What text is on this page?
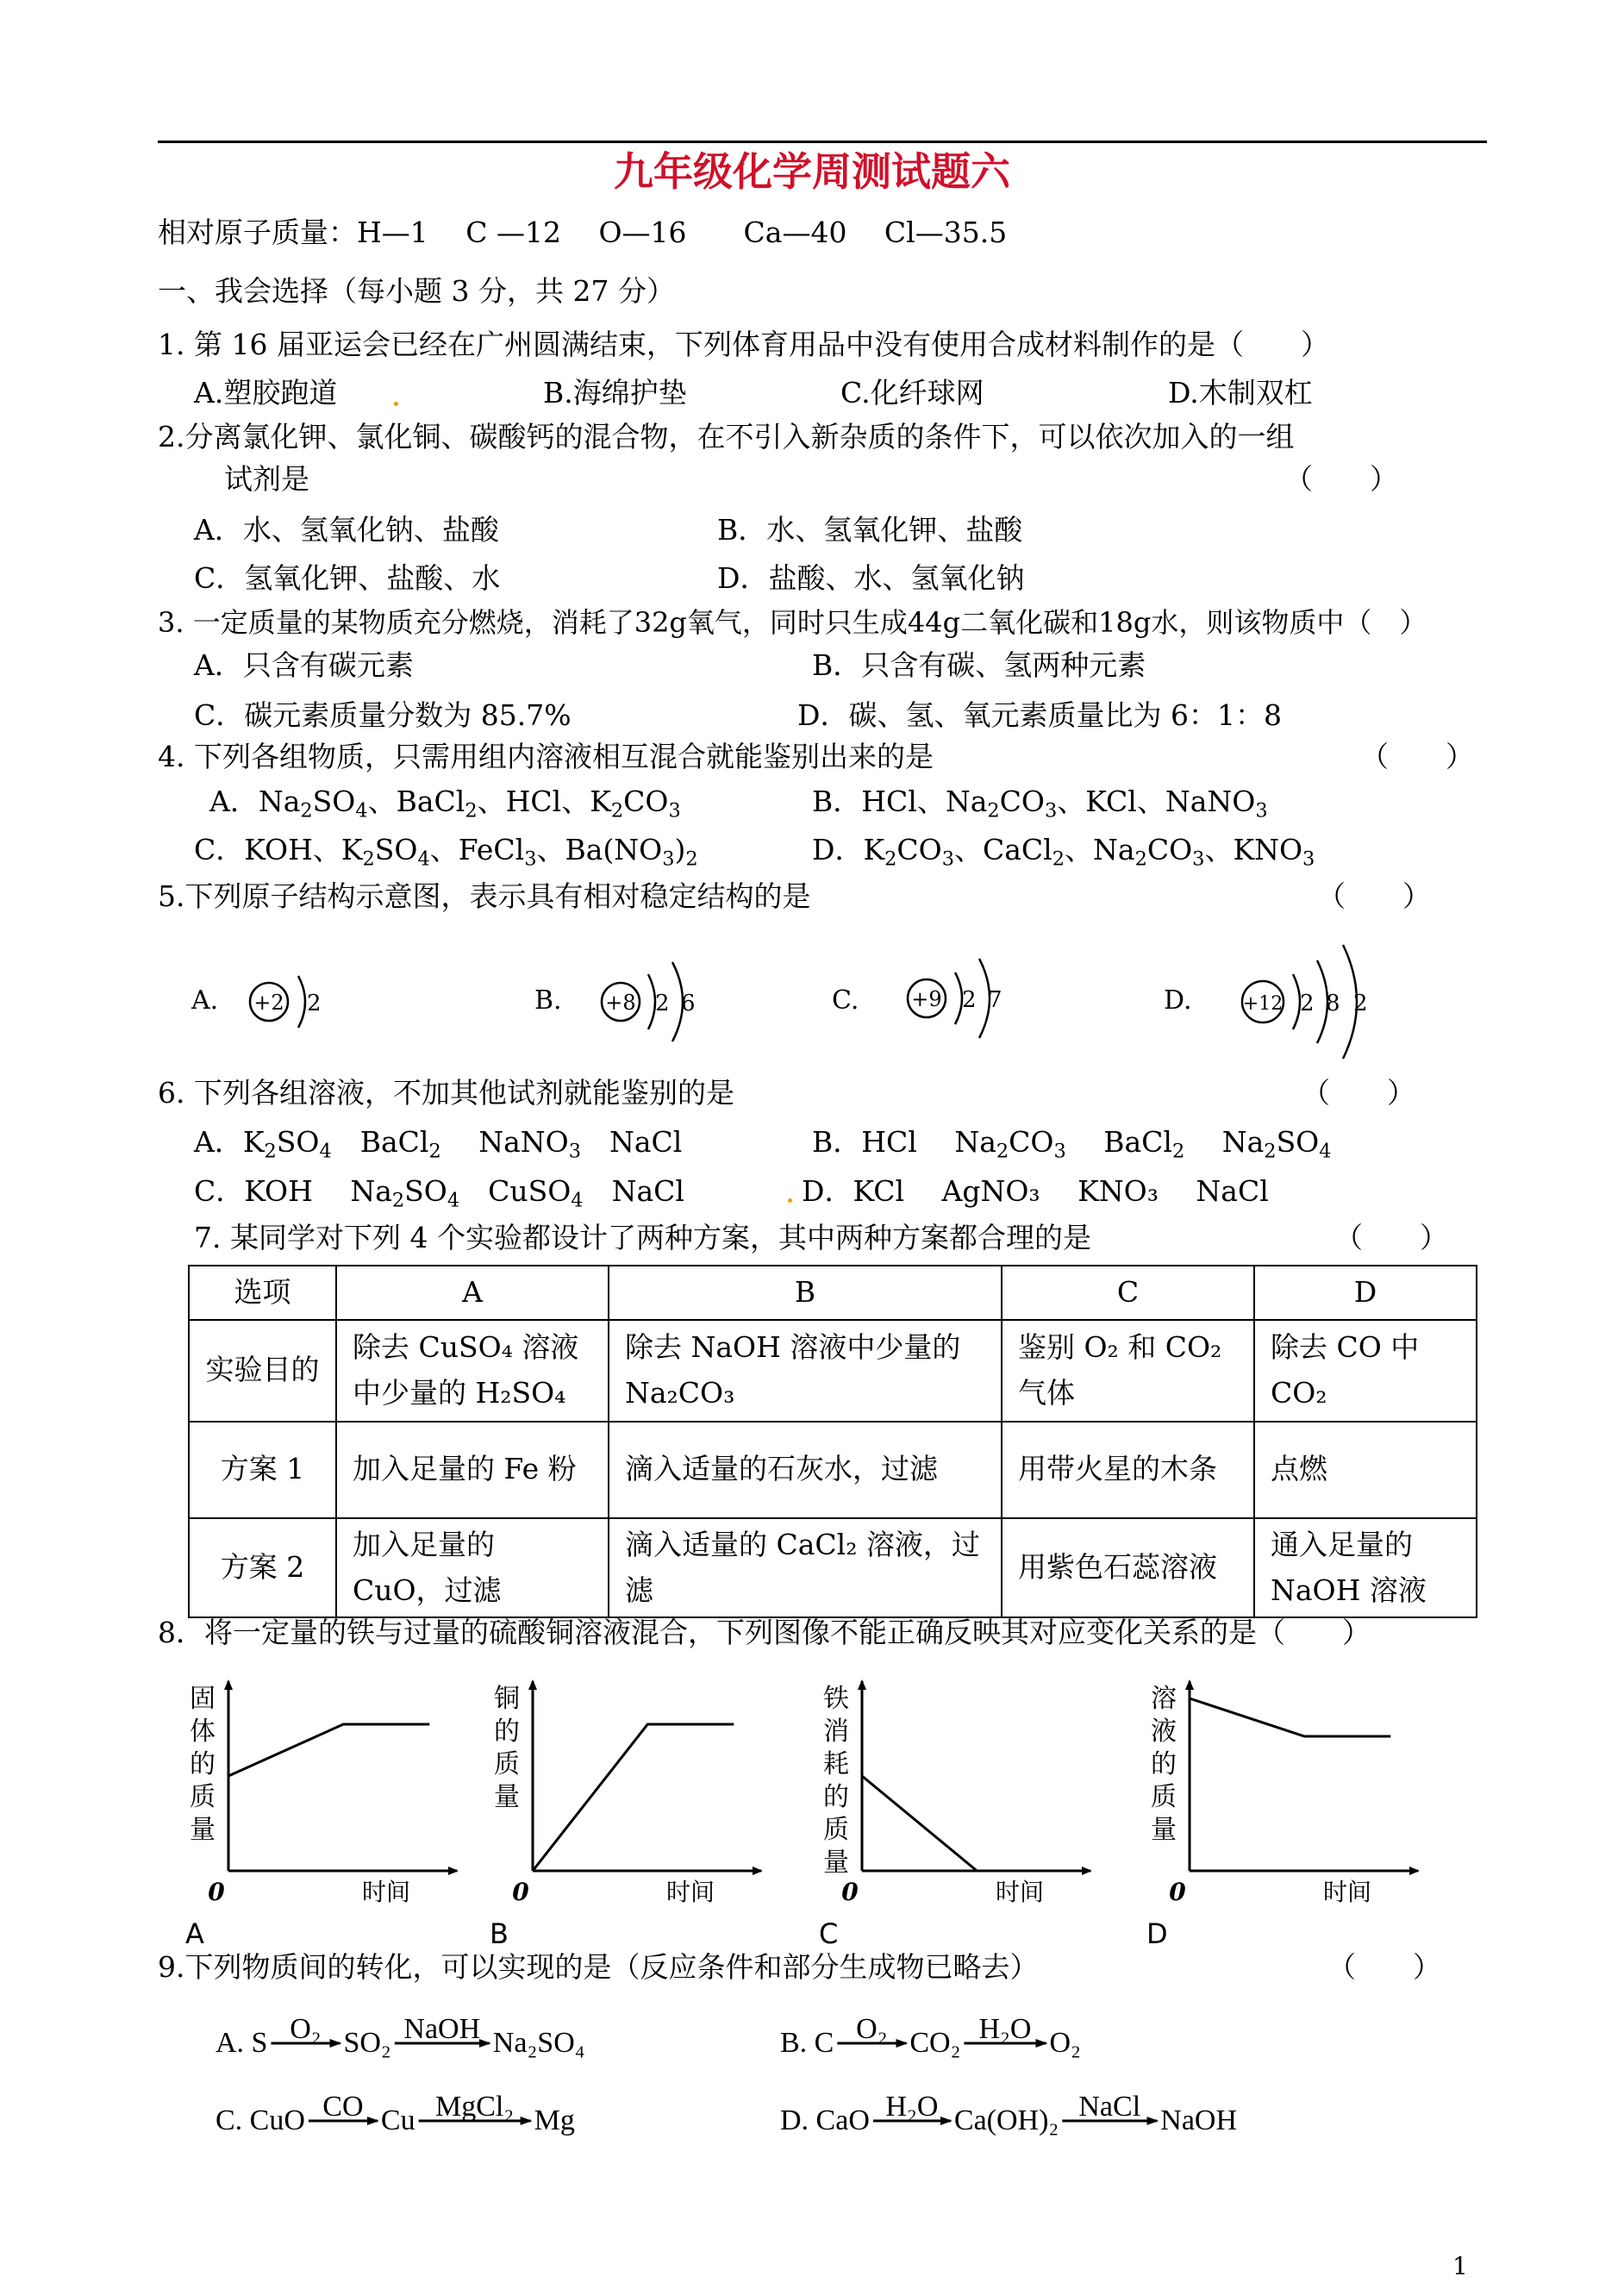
九年级化学周测试题六
相对原子质量：H—1　 C —12　 O—16　　Ca—40　 Cl—35.5
一、我会选择（每小题 3 分，共 27 分）
1. 第 16 届亚运会已经在广州圆满结束，下列体育用品中没有使用合成材料制作的是（　　）
A.塑胶跑道	B.海绵护垫	C.化纤球网	D.木制双杠
2.分离氯化钾、氯化铜、碳酸钙的混合物，在不引入新杂质的条件下，可以依次加入的一组
试剂是	（　　）
A．水、氢氧化钠、盐酸	B．水、氢氧化钾、盐酸
C．氢氧化钾、盐酸、水	D．盐酸、水、氢氧化钠
3. 一定质量的某物质充分燃烧，消耗了32g氧气，同时只生成44g二氧化碳和18g水，则该物质中（　）
A．只含有碳元素	B．只含有碳、氢两种元素
C．碳元素质量分数为 85.7%	D．碳、氢、氧元素质量比为 6：1：8
4. 下列各组物质，只需用组内溶液相互混合就能鉴别出来的是	（　　）
A．$Na_2SO_4$、BaCl$_2$、HCl、$K_2CO_3$	B．HCl、$Na_2CO_3$、KCl、NaNO$_3$
C．KOH、$K_2SO_4$、FeCl$_3$、$Ba(NO_3)_2$	D．$K_2CO_3$、CaCl$_2$、$Na_2CO_3$、$KNO_3$
5.下列原子结构示意图，表示具有相对稳定结构的是	（　　）
A. +2 2	B. +8 2 6	C.	+9 2 7	D.	+12 2 8 2
6. 下列各组溶液，不加其他试剂就能鉴别的是	（　　）
A．$K_2SO_4$　BaCl$_2$　 NaNO$_3$　NaCl	B．HCl　 $Na_2CO_3$　 BaCl$_2$　 $Na_2SO_4$
C．KOH　 $Na_2SO_4$　CuSO$_4$　NaCl	D．KCl　 AgNO₃　 KNO₃　 NaCl
7. 某同学对下列 4 个实验都设计了两种方案，其中两种方案都合理的是	（　　）
选项	A	B	C	D
实验目的	除去 CuSO₄ 溶液中少量的 H₂SO₄	除去 NaOH 溶液中少量的 Na₂CO₃	鉴别 O₂ 和 CO₂ 气体	除去 CO 中 CO₂
方案 1	加入足量的 Fe 粉	滴入适量的石灰水，过滤	用带火星的木条	点燃
方案 2	加入足量的 CuO，过滤	滴入适量的 CaCl₂ 溶液，过滤	用紫色石蕊溶液	通入足量的 NaOH 溶液
8．将一定量的铁与过量的硫酸铜溶液混合，下列图像不能正确反映其对应变化关系的是（　　）
固
体
的
质
量
0	时间
A
铜
的
质
量
0	时间
B
铁
消
耗
的
质
量
0	时间
C
溶
液
的
质
量
0	时间
D
9.下列物质间的转化，可以实现的是（反应条件和部分生成物已略去）	（　　）
A. S O₂ SO₂ NaOH Na₂SO₄	B. C O₂ CO₂ H₂O O₂
C. CuO CO Cu MgCl₂ Mg	D. CaO H₂O Ca(OH)₂ NaCl NaOH
1
